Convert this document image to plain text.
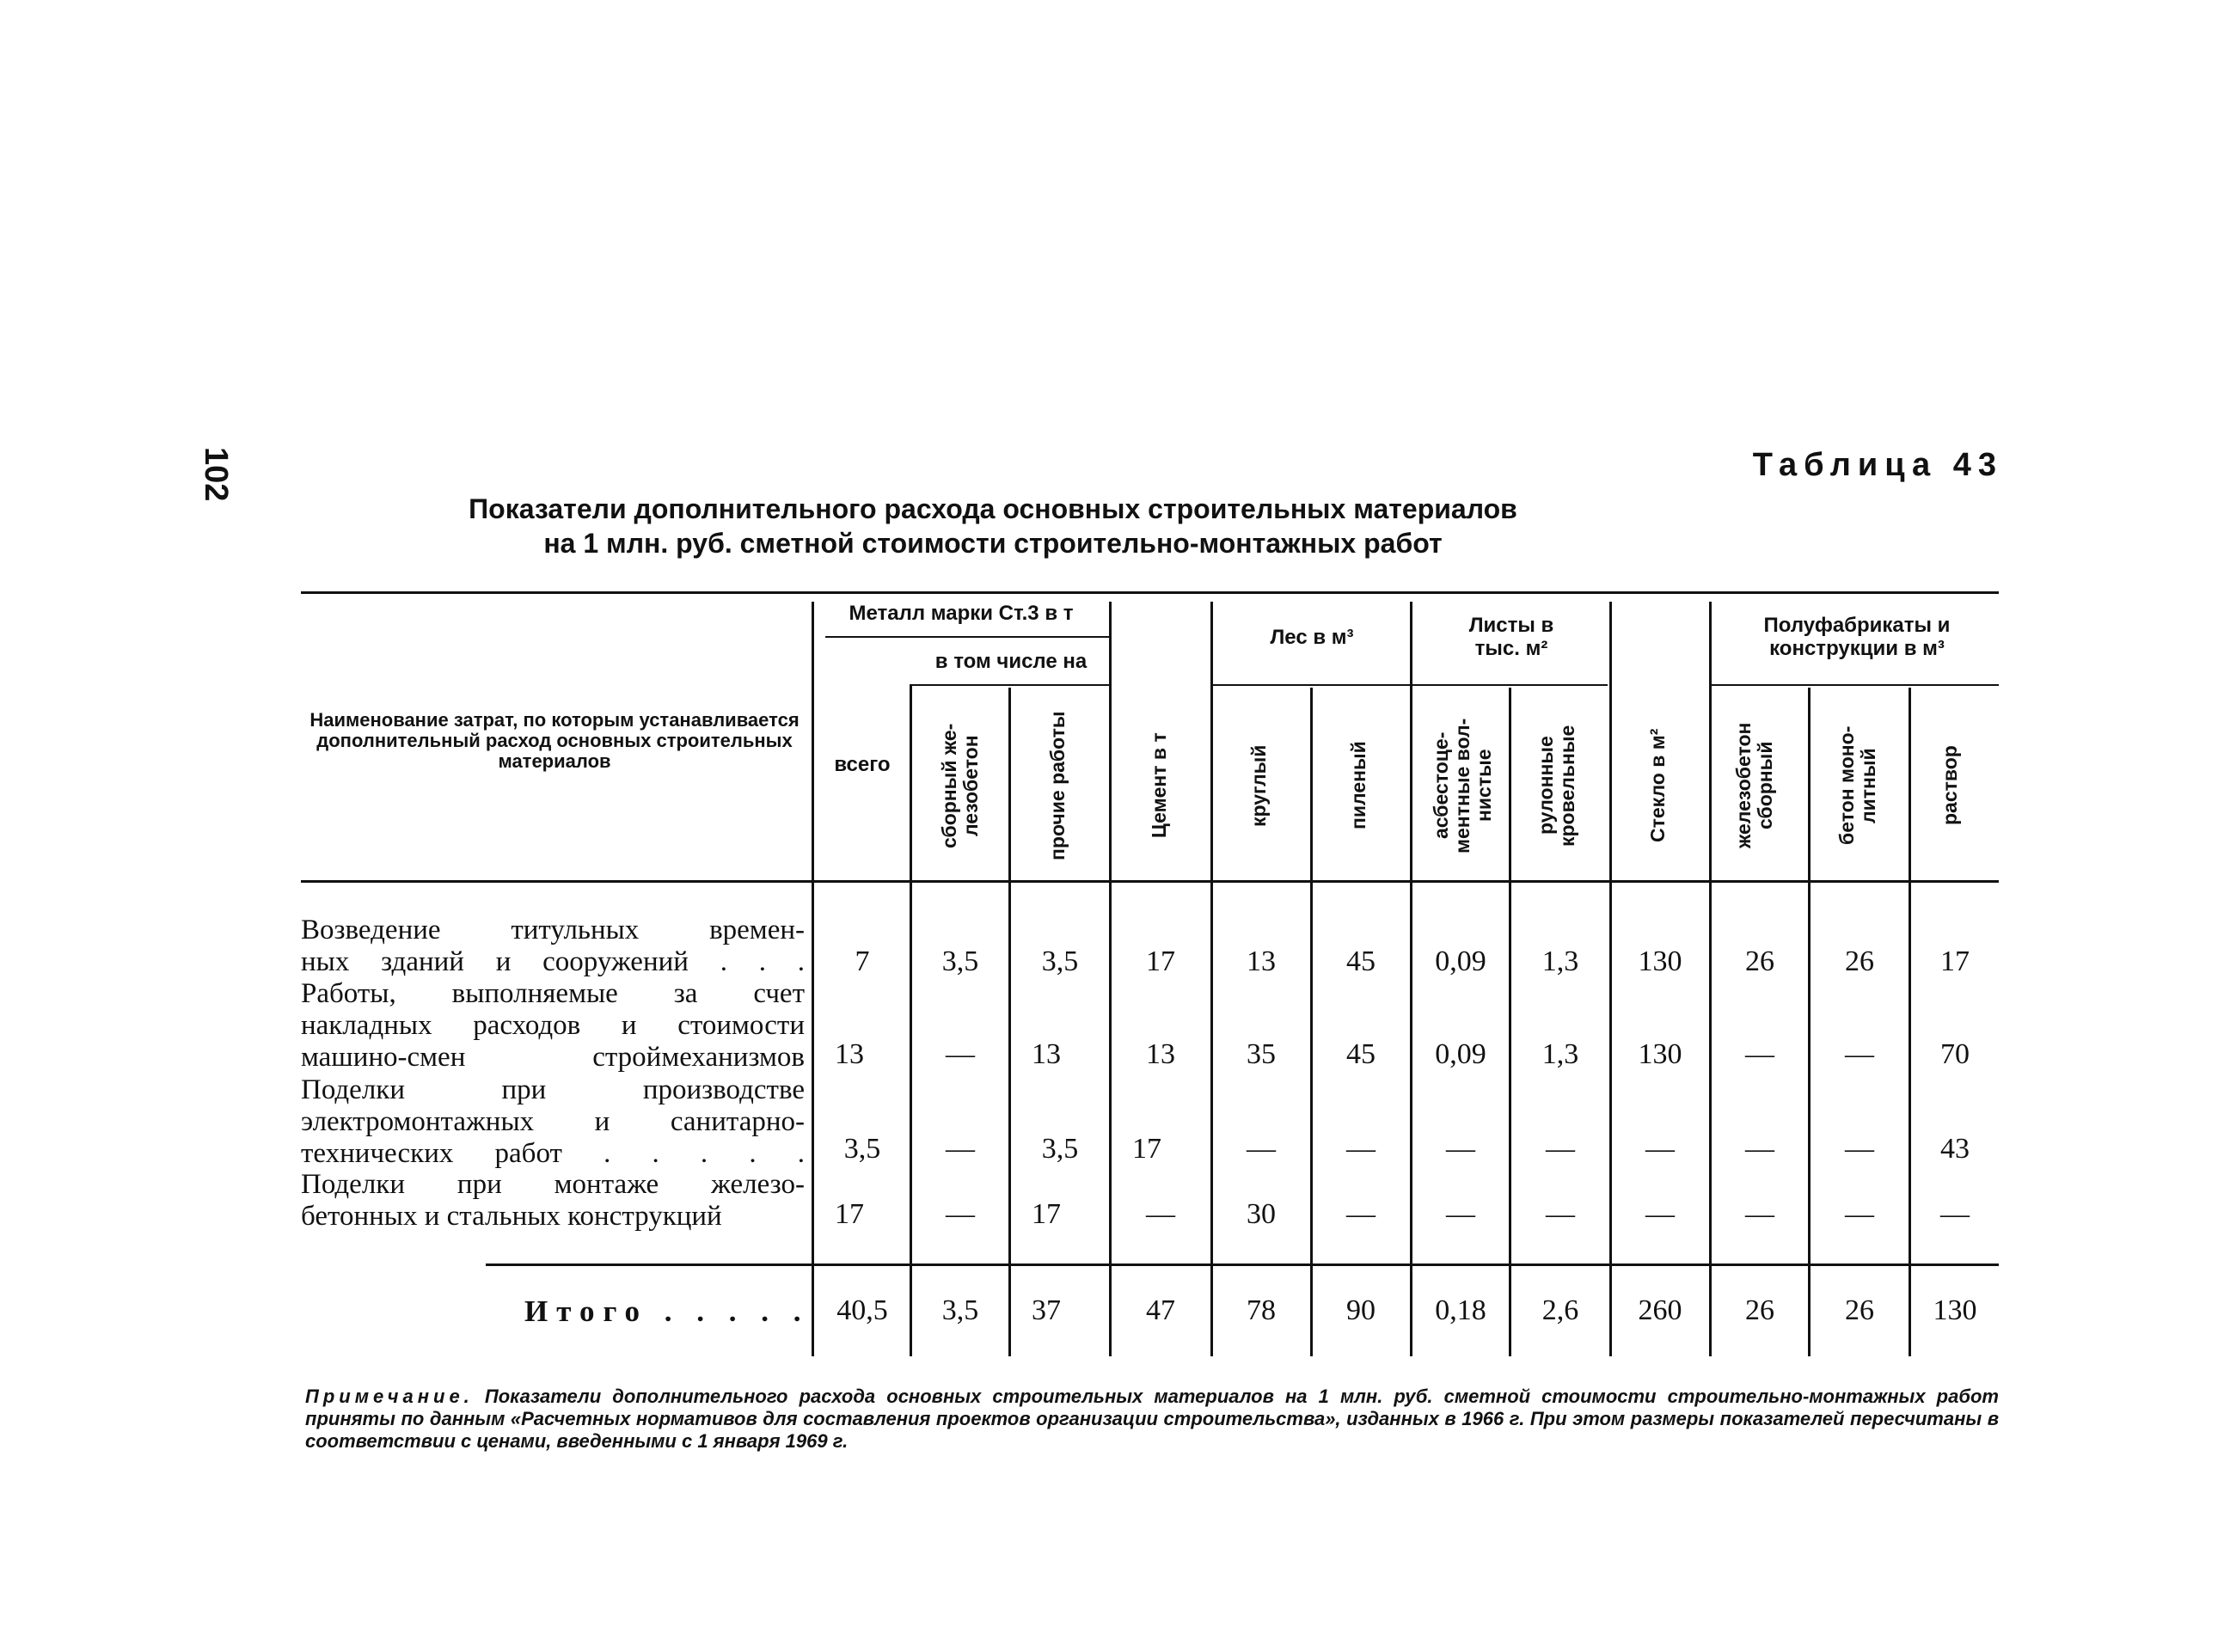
102	Таблица 43
Показатели дополнительного расхода основных строительных материалов
на 1 млн. руб. сметной стоимости строительно-монтажных работ
Наименование затрат, по которым устанавливается дополнительный расход основных строительных материалов
Металл марки Ст.3 в т
в том числе на
всего	сборный же-лезобетон	прочие работы	Цемент в т
Лес в м³
круглый	пиленый
Листы в тыс. м²
асбестоце-ментные вол-нистые	рулонные кровельные	Стекло в м²
Полуфабрикаты и конструкции в м³
железобетон сборный	бетон моно-литный	раствор
Возведение титульных времен-
ных зданий и сооружений . . .	7	3,5	3,5	17	13	45	0,09	1,3	130	26	26	17
Работы, выполняемые за счет
накладных расходов и стоимости
машино-смен строймеханизмов	13	—	13	13	35	45	0,09	1,3	130	—	—	70
Поделки при производстве
электромонтажных и санитарно-
технических работ . . . . .	3,5	—	3,5	17	—	—	—	—	—	—	—	43
Поделки при монтаже железо-
бетонных и стальных конструкций	17	—	17	—	30	—	—	—	—	—	—	—
Итого . . . . . 40,5	3,5	37	47	78	90	0,18	2,6	260	26	26	130
Примечание. Показатели дополнительного расхода основных строительных материалов на 1 млн. руб. сметной стоимости строительно-монтажных работ приняты по данным «Расчетных нормативов для составления проектов организации строительства», изданных в 1966 г. При этом размеры показателей пересчитаны в соответствии с ценами, введенными с 1 января 1969 г.
